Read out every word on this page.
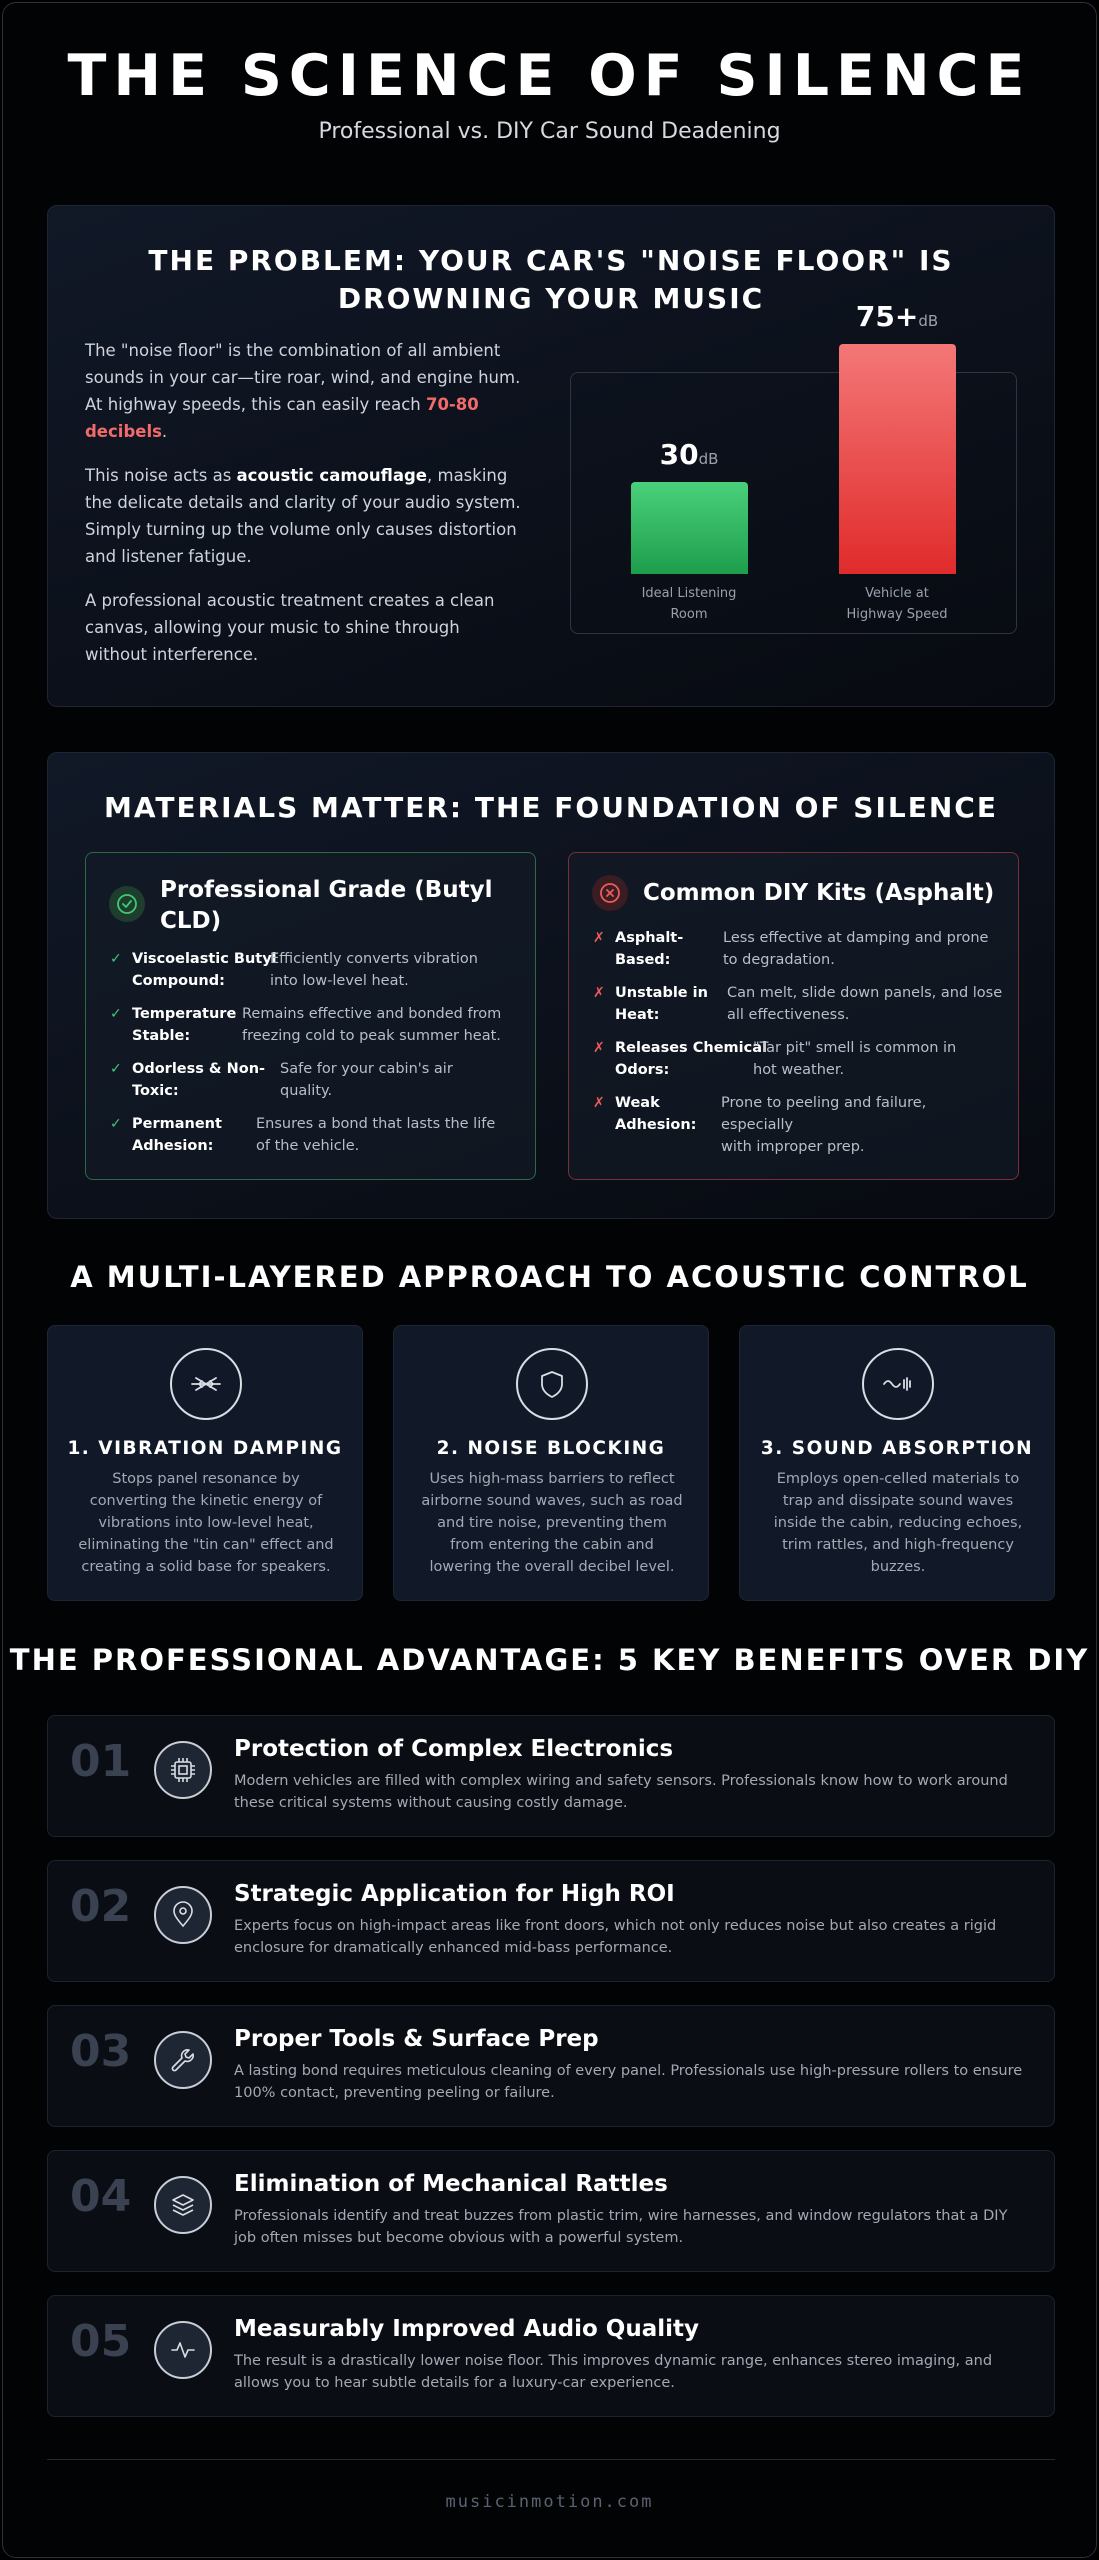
THE SCIENCE OF SILENCE
Professional vs. DIY Car Sound Deadening
THE PROBLEM: YOUR CAR'S "NOISE FLOOR" IS
DROWNING YOUR MUSIC

The "noise floor" is the combination of all ambient sounds in your car—tire roar, wind, and engine hum. At highway speeds, this can easily reach 70-80 decibels.

This noise acts as acoustic camouflage, masking the delicate details and clarity of your audio system. Simply turning up the volume only causes distortion and listener fatigue.

A professional acoustic treatment creates a clean canvas, allowing your music to shine through without interference.

30dB
Ideal Listening
Room
75+dB
Vehicle at
Highway Speed
MATERIALS MATTER: THE FOUNDATION OF SILENCE
Professional Grade (Butyl
CLD)
✓ Viscoelastic Butyl
Compound:
Efficiently converts vibration
into low-level heat.
✓ Temperature
Stable:
Remains effective and bonded from
freezing cold to peak summer heat.
✓ Odorless & Non-
Toxic:
Safe for your cabin's air
quality.
✓ Permanent
Adhesion:
Ensures a bond that lasts the life
of the vehicle.
Common DIY Kits (Asphalt)
✗ Asphalt-
Based:
Less effective at damping and prone
to degradation.
✗ Unstable in
Heat:
Can melt, slide down panels, and lose
all effectiveness.
✗ Releases Chemical
Odors:
"Tar pit" smell is common in
hot weather.
✗ Weak
Adhesion:
Prone to peeling and failure, especially
with improper prep.
A MULTI-LAYERED APPROACH TO ACOUSTIC CONTROL
1. VIBRATION DAMPING
Stops panel resonance by
converting the kinetic energy of
vibrations into low-level heat,
eliminating the "tin can" effect and
creating a solid base for speakers.
2. NOISE BLOCKING
Uses high-mass barriers to reflect
airborne sound waves, such as road
and tire noise, preventing them
from entering the cabin and
lowering the overall decibel level.
3. SOUND ABSORPTION
Employs open-celled materials to
trap and dissipate sound waves
inside the cabin, reducing echoes,
trim rattles, and high-frequency
buzzes.
THE PROFESSIONAL ADVANTAGE: 5 KEY BENEFITS OVER DIY
01	Protection of Complex Electronics
Modern vehicles are filled with complex wiring and safety sensors. Professionals know how to work around
these critical systems without causing costly damage.
02	Strategic Application for High ROI
Experts focus on high-impact areas like front doors, which not only reduces noise but also creates a rigid
enclosure for dramatically enhanced mid-bass performance.
03	Proper Tools & Surface Prep
A lasting bond requires meticulous cleaning of every panel. Professionals use high-pressure rollers to ensure
100% contact, preventing peeling or failure.
04	Elimination of Mechanical Rattles
Professionals identify and treat buzzes from plastic trim, wire harnesses, and window regulators that a DIY
job often misses but become obvious with a powerful system.
05	Measurably Improved Audio Quality
The result is a drastically lower noise floor. This improves dynamic range, enhances stereo imaging, and
allows you to hear subtle details for a luxury-car experience.
musicinmotion.com
